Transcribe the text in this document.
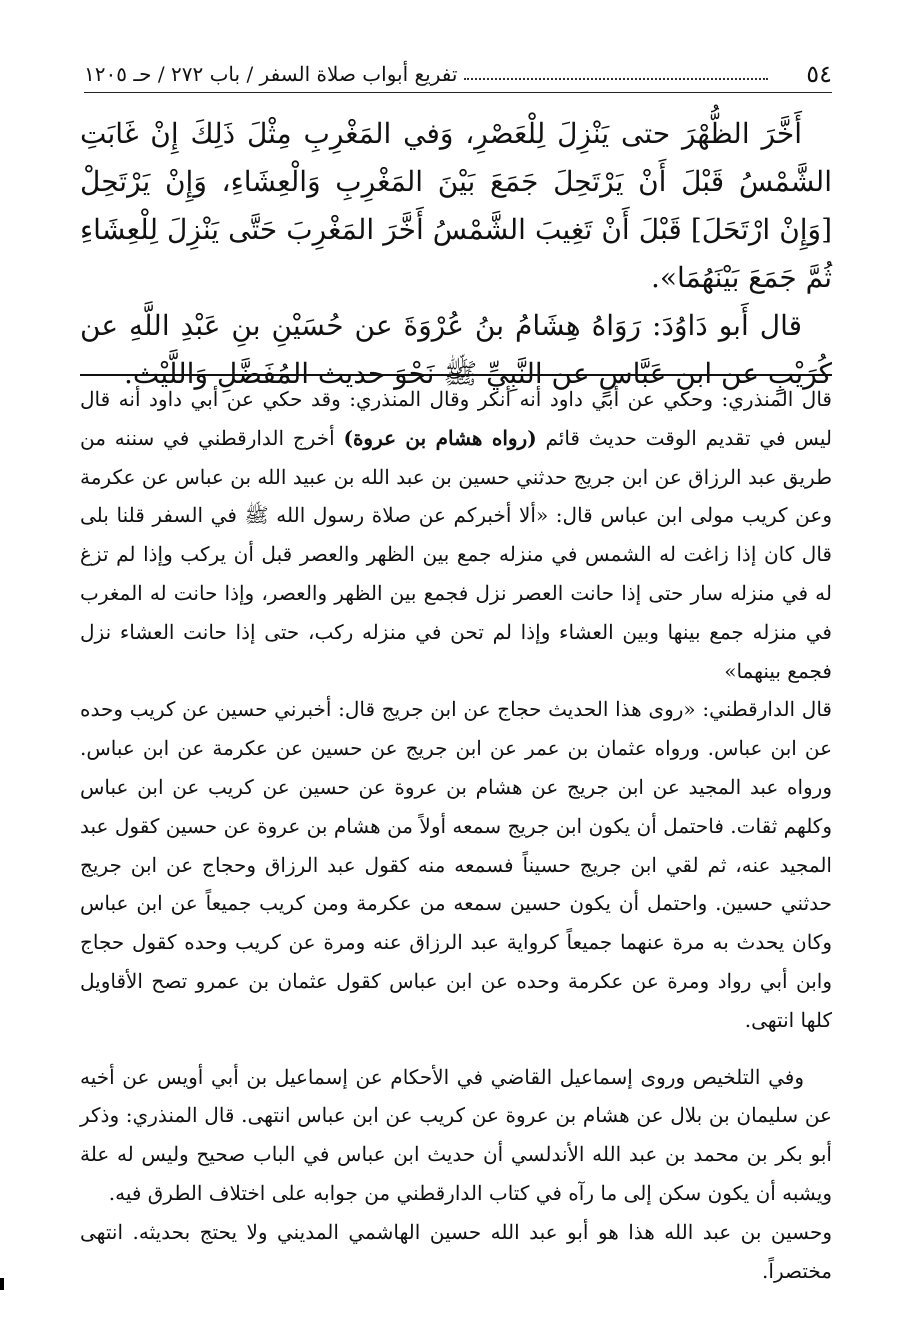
٥٤
تفريع أبواب صلاة السفر / باب ٢٧٢ / حـ ١٢٠٥

أَخَّرَ الظُّهْرَ حتى يَنْزِلَ لِلْعَصْرِ، وَفي المَغْرِبِ مِثْلَ ذَلِكَ إِنْ غَابَتِ الشَّمْسُ قَبْلَ أَنْ يَرْتَحِلَ جَمَعَ بَيْنَ المَغْرِبِ وَالْعِشَاءِ، وَإِنْ يَرْتَحِلْ [وَإِنْ ارْتَحَلَ] قَبْلَ أَنْ تَغِيبَ الشَّمْسُ أَخَّرَ المَغْرِبَ حَتَّى يَنْزِلَ لِلْعِشَاءِ ثُمَّ جَمَعَ بَيْنَهُمَا».

قال أَبو دَاوُدَ: رَوَاهُ هِشَامُ بنُ عُرْوَةَ عن حُسَيْنِ بنِ عَبْدِ اللَّهِ عن كُرَيْبٍ عن ابنِ عَبَّاسٍ عن النَّبِيِّ ﷺ نَحْوَ حديث المُفَضَّلِ وَاللَّيْث.

قال المنذري: وحكي عن أبي داود أنه أنكر وقال المنذري: وقد حكي عن أبي داود أنه قال ليس في تقديم الوقت حديث قائم (رواه هشام بن عروة) أخرج الدارقطني في سننه من طريق عبد الرزاق عن ابن جريج حدثني حسين بن عبد الله بن عبيد الله بن عباس عن عكرمة وعن كريب مولى ابن عباس قال: «ألا أخبركم عن صلاة رسول الله ﷺ في السفر قلنا بلى قال كان إذا زاغت له الشمس في منزله جمع بين الظهر والعصر قبل أن يركب وإذا لم تزغ له في منزله سار حتى إذا حانت العصر نزل فجمع بين الظهر والعصر، وإذا حانت له المغرب في منزله جمع بينها وبين العشاء وإذا لم تحن في منزله ركب، حتى إذا حانت العشاء نزل فجمع بينهما»

قال الدارقطني: «روى هذا الحديث حجاج عن ابن جريج قال: أخبرني حسين عن كريب وحده عن ابن عباس. ورواه عثمان بن عمر عن ابن جريج عن حسين عن عكرمة عن ابن عباس. ورواه عبد المجيد عن ابن جريج عن هشام بن عروة عن حسين عن كريب عن ابن عباس وكلهم ثقات. فاحتمل أن يكون ابن جريج سمعه أولاً من هشام بن عروة عن حسين كقول عبد المجيد عنه، ثم لقي ابن جريج حسيناً فسمعه منه كقول عبد الرزاق وحجاج عن ابن جريج حدثني حسين. واحتمل أن يكون حسين سمعه من عكرمة ومن كريب جميعاً عن ابن عباس وكان يحدث به مرة عنهما جميعاً كرواية عبد الرزاق عنه ومرة عن كريب وحده كقول حجاج وابن أبي رواد ومرة عن عكرمة وحده عن ابن عباس كقول عثمان بن عمرو تصح الأقاويل كلها انتهى.

وفي التلخيص وروى إسماعيل القاضي في الأحكام عن إسماعيل بن أبي أويس عن أخيه عن سليمان بن بلال عن هشام بن عروة عن كريب عن ابن عباس انتهى. قال المنذري: وذكر أبو بكر بن محمد بن عبد الله الأندلسي أن حديث ابن عباس في الباب صحيح وليس له علة ويشبه أن يكون سكن إلى ما رآه في كتاب الدارقطني من جوابه على اختلاف الطرق فيه.

وحسين بن عبد الله هذا هو أبو عبد الله حسين الهاشمي المديني ولا يحتج بحديثه. انتهى مختصراً.
